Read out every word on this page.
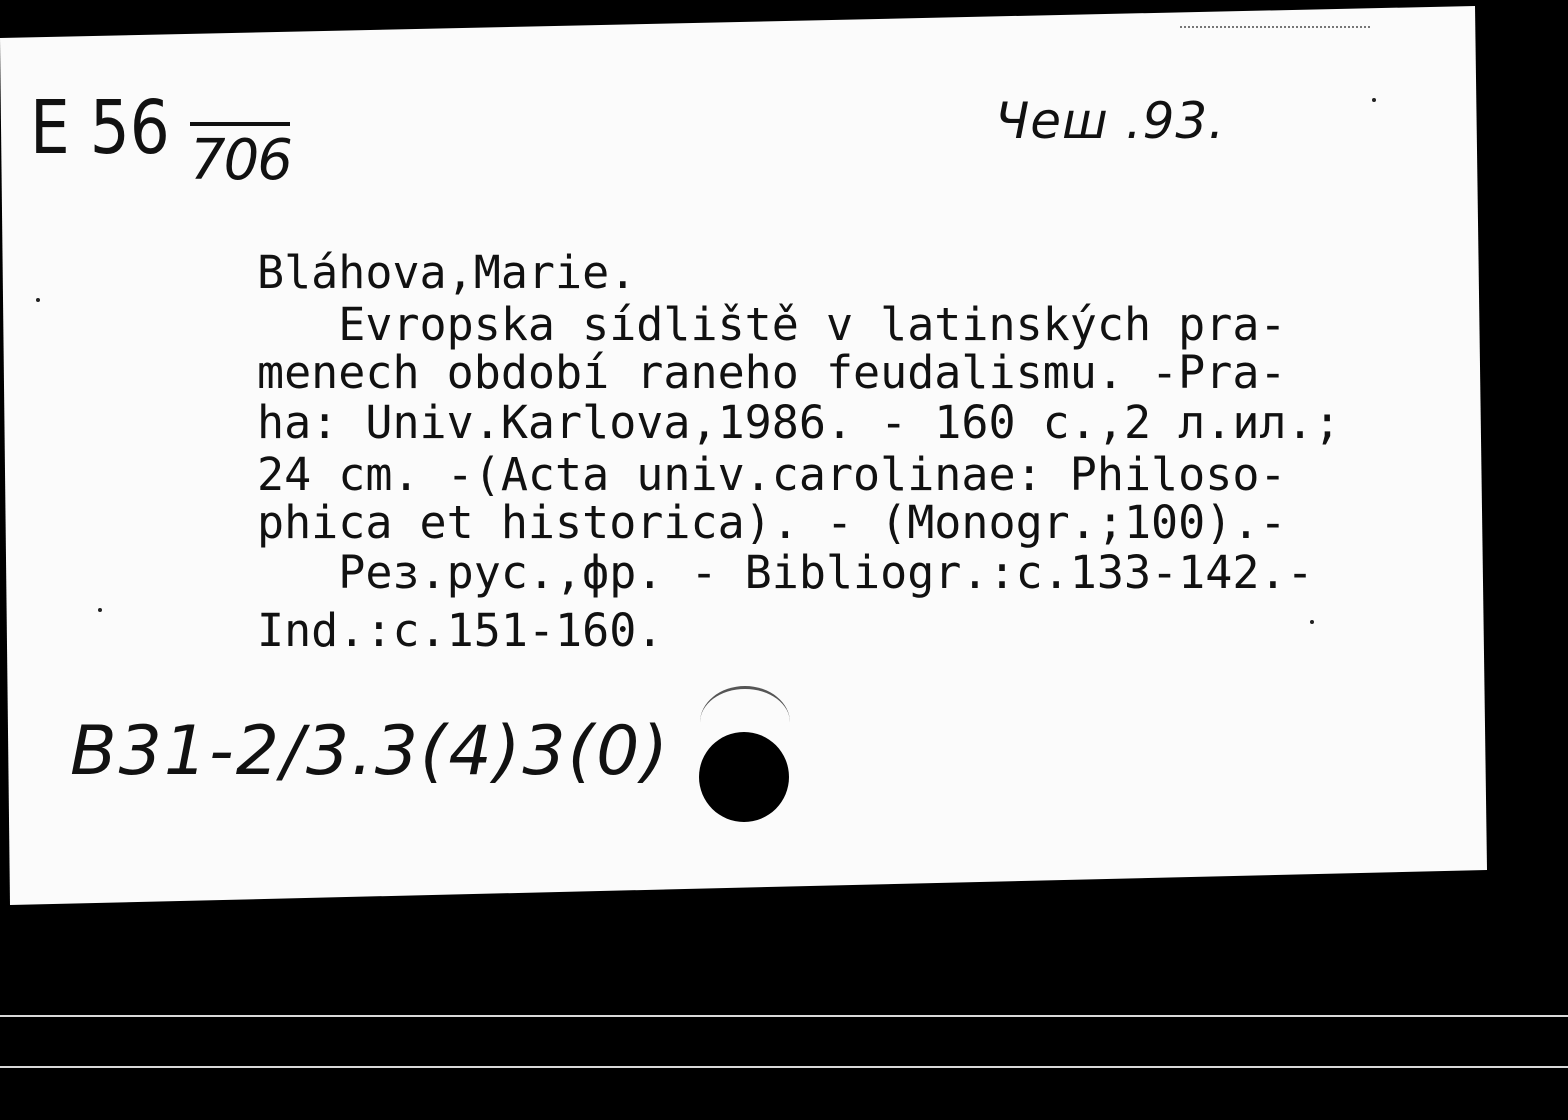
E 56 706
Чеш .93.
Bláhova,Marie.
Evropska sídliště v latinských pra-
menech období raneho feudalismu. -Pra-
ha: Univ.Karlova,1986. - 160 c.,2 л.ил.;
24 cm. -(Acta univ.carolinae: Philoso-
phica et historica). - (Monogr.;100).-
Рез.рус.,фр. - Bibliogr.:c.133-142.-
Ind.:c.151-160.
В31-2/3.3(4)3(0)
